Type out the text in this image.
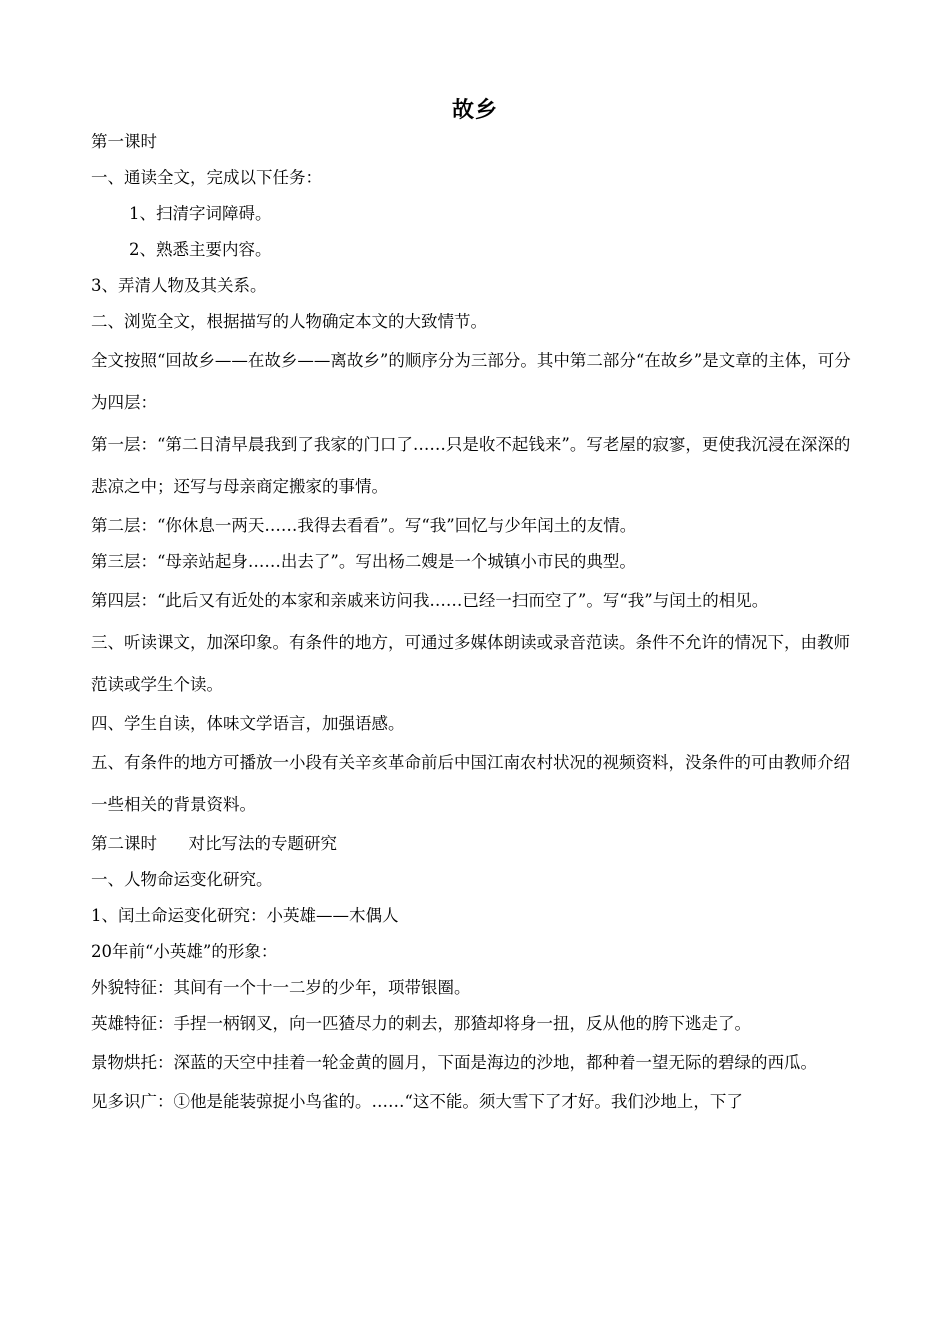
故乡

第一课时

一、通读全文，完成以下任务：

1、扫清字词障碍。

2、熟悉主要内容。

3、弄清人物及其关系。

二、浏览全文，根据描写的人物确定本文的大致情节。

全文按照“回故乡——在故乡——离故乡”的顺序分为三部分。其中第二部分“在故乡”是文章的主体，可分为四层：

第一层：“第二日清早晨我到了我家的门口了……只是收不起钱来”。写老屋的寂寥，更使我沉浸在深深的悲凉之中；还写与母亲商定搬家的事情。

第二层：“你休息一两天……我得去看看”。写“我”回忆与少年闰土的友情。

第三层：“母亲站起身……出去了”。写出杨二嫂是一个城镇小市民的典型。

第四层：“此后又有近处的本家和亲戚来访问我……已经一扫而空了”。写“我”与闰土的相见。

三、听读课文，加深印象。有条件的地方，可通过多媒体朗读或录音范读。条件不允许的情况下，由教师范读或学生个读。

四、学生自读，体味文学语言，加强语感。

五、有条件的地方可播放一小段有关辛亥革命前后中国江南农村状况的视频资料，没条件的可由教师介绍一些相关的背景资料。

第二课时      对比写法的专题研究

一、人物命运变化研究。

1、闰土命运变化研究：小英雄——木偶人

20年前“小英雄”的形象：

外貌特征：其间有一个十一二岁的少年，项带银圈。

英雄特征：手捏一柄钢叉，向一匹猹尽力的刺去，那猹却将身一扭，反从他的胯下逃走了。

景物烘托：深蓝的天空中挂着一轮金黄的圆月，下面是海边的沙地，都种着一望无际的碧绿的西瓜。

见多识广：①他是能装弶捉小鸟雀的。……“这不能。须大雪下了才好。我们沙地上，下了
